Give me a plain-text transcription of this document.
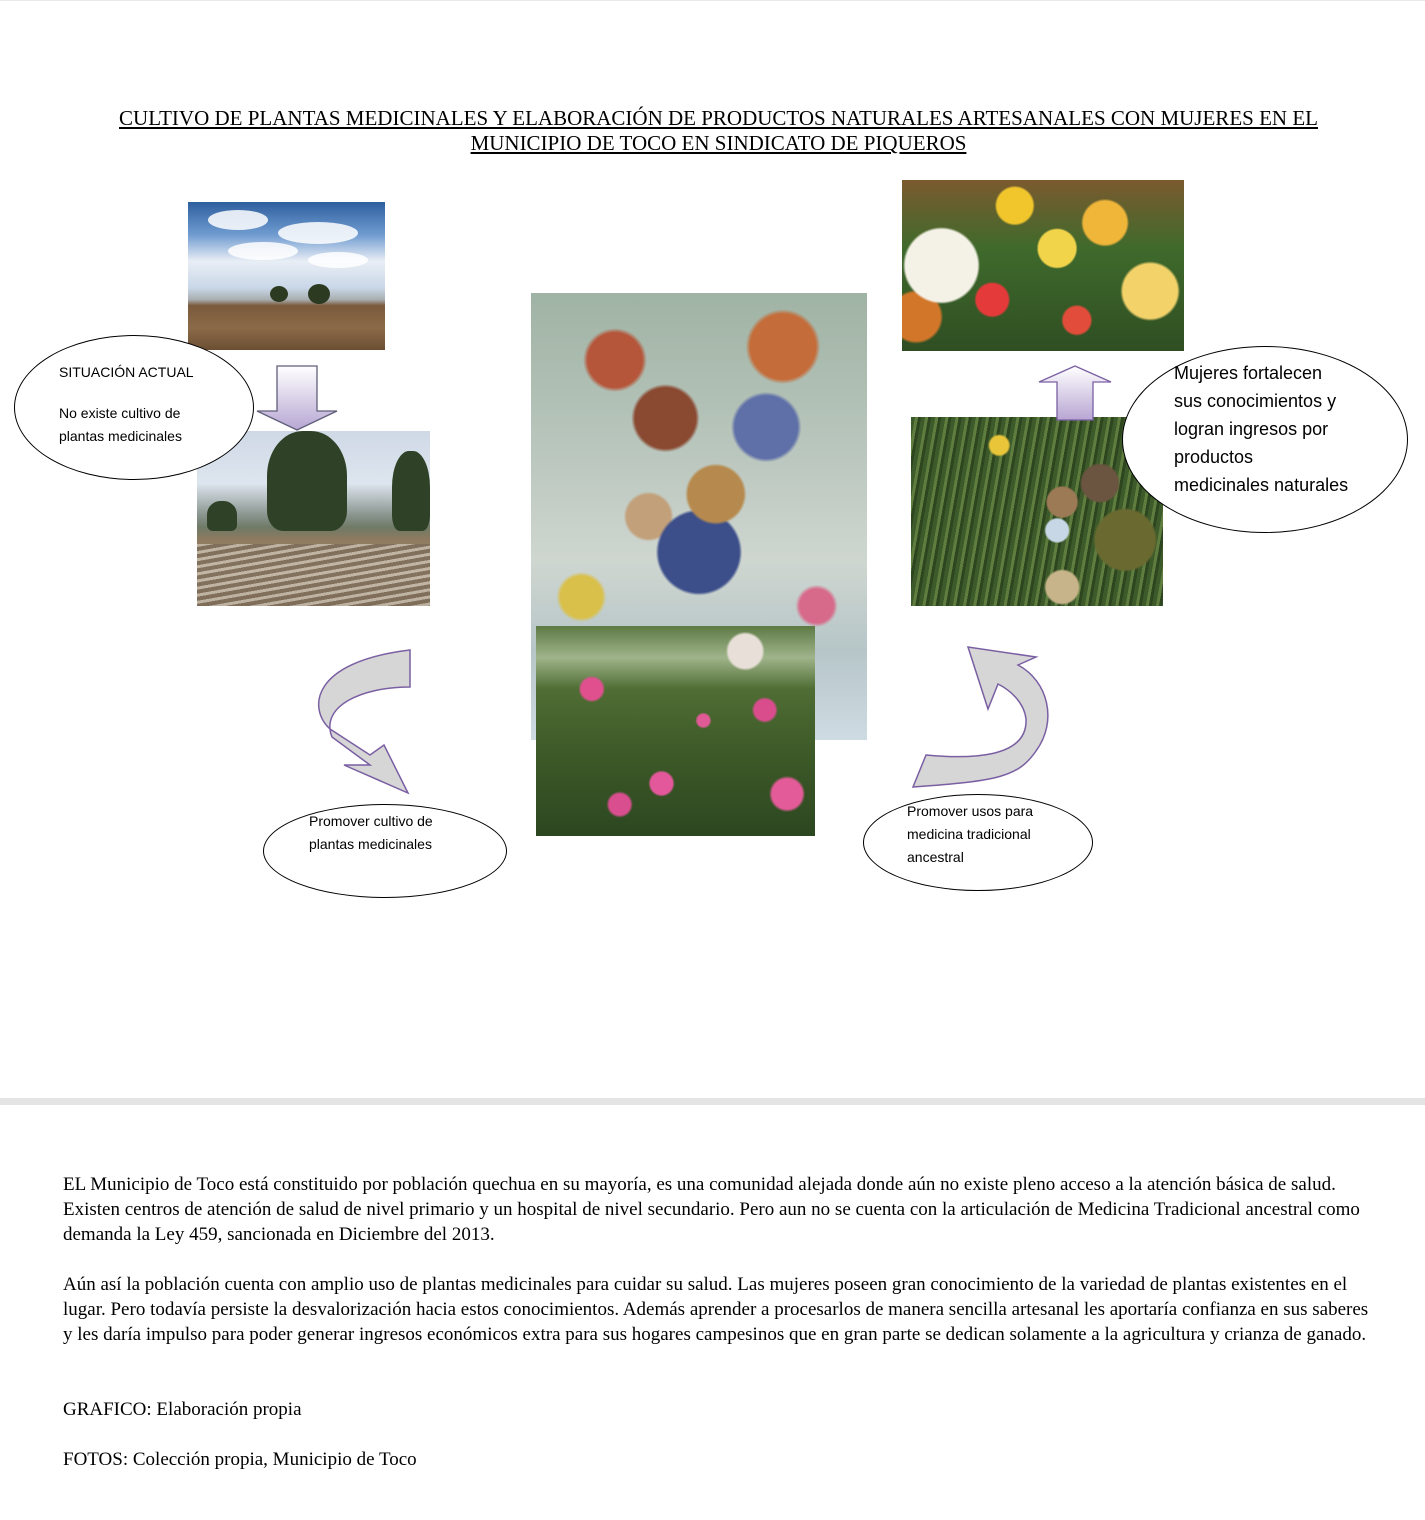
CULTIVO DE PLANTAS MEDICINALES Y ELABORACIÓN DE PRODUCTOS NATURALES ARTESANALES CON MUJERES EN EL
MUNICIPIO DE TOCO EN SINDICATO DE PIQUEROS
SITUACIÓN ACTUAL
No existe cultivo de
plantas medicinales
Promover cultivo de
plantas medicinales
Promover usos para
medicina tradicional
ancestral
Mujeres fortalecen
sus conocimientos y
logran ingresos por
productos
medicinales naturales

EL Municipio de Toco está constituido por población quechua en su mayoría, es una comunidad alejada donde aún no existe pleno acceso a la atención básica de salud. Existen centros de atención de salud de nivel primario y un hospital de nivel secundario. Pero aun no se cuenta con la articulación de Medicina Tradicional ancestral como demanda la Ley 459, sancionada en Diciembre del 2013.

Aún así la población cuenta con amplio uso de plantas medicinales para cuidar su salud. Las mujeres poseen gran conocimiento de la variedad de plantas existentes en el lugar. Pero todavía persiste la desvalorización hacia estos conocimientos. Además aprender a procesarlos de manera sencilla artesanal les aportaría confianza en sus saberes y les daría impulso para poder generar ingresos económicos extra para sus hogares campesinos que en gran parte se dedican solamente a la agricultura y crianza de ganado.

GRAFICO: Elaboración propia

FOTOS: Colección propia, Municipio de Toco
